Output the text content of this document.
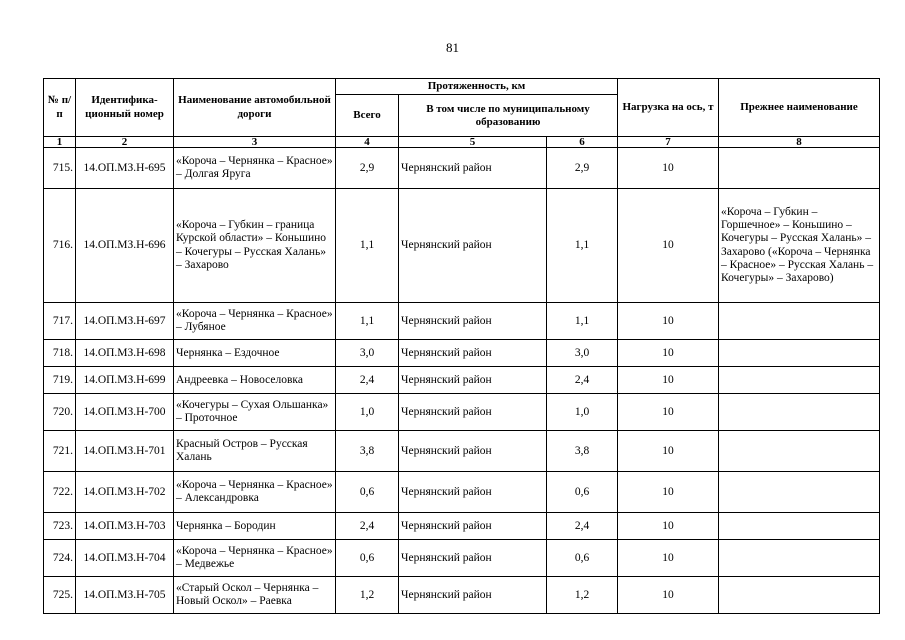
81
№ п/п	Идентифика-ционный номер	Наименование автомобильной дороги	Протяженность, км			Нагрузка на ось, т	Прежнее наименование
			Всего	В том числе по муниципальному образованию			
1	2	3	4	5	6	7	8
715.	14.ОП.МЗ.Н-695	«Короча – Чернянка – Красное» – Долгая Яруга	2,9	Чернянский район	2,9	10	
716.	14.ОП.МЗ.Н-696	«Короча – Губкин – граница Курской области» – Коньшино – Кочегуры – Русская Халань» – Захарово	1,1	Чернянский район	1,1	10	«Короча – Губкин – Горшечное» – Коньшино – Кочегуры – Русская Халань» – Захарово («Короча – Чернянка – Красное» – Русская Халань – Кочегуры» – Захарово)
717.	14.ОП.МЗ.Н-697	«Короча – Чернянка – Красное» – Лубяное	1,1	Чернянский район	1,1	10	
718.	14.ОП.МЗ.Н-698	Чернянка – Ездочное	3,0	Чернянский район	3,0	10	
719.	14.ОП.МЗ.Н-699	Андреевка – Новоселовка	2,4	Чернянский район	2,4	10	
720.	14.ОП.МЗ.Н-700	«Кочегуры – Сухая Ольшанка» – Проточное	1,0	Чернянский район	1,0	10	
721.	14.ОП.МЗ.Н-701	Красный Остров – Русская Халань	3,8	Чернянский район	3,8	10	
722.	14.ОП.МЗ.Н-702	«Короча – Чернянка – Красное» – Александровка	0,6	Чернянский район	0,6	10	
723.	14.ОП.МЗ.Н-703	Чернянка – Бородин	2,4	Чернянский район	2,4	10	
724.	14.ОП.МЗ.Н-704	«Короча – Чернянка – Красное» – Медвежье	0,6	Чернянский район	0,6	10	
725.	14.ОП.МЗ.Н-705	«Старый Оскол – Чернянка – Новый Оскол» – Раевка	1,2	Чернянский район	1,2	10	
